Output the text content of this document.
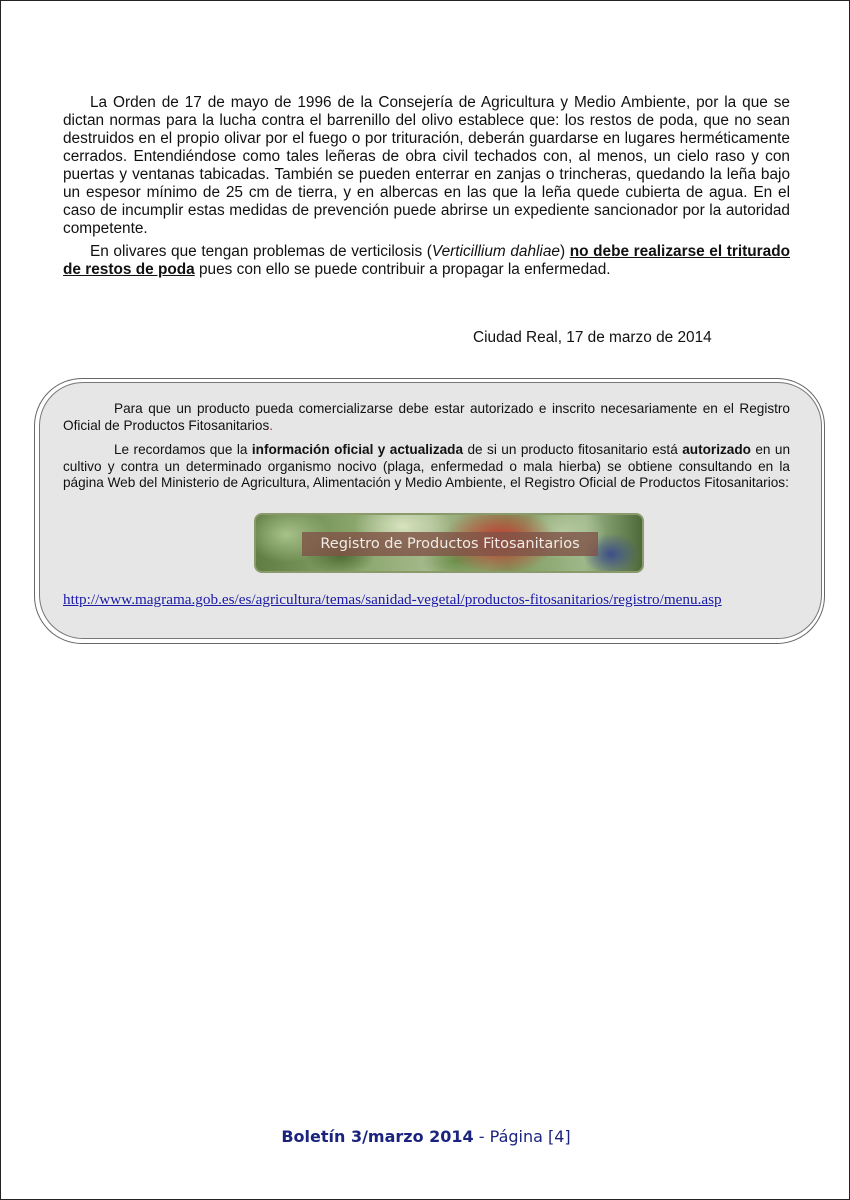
La Orden de 17 de mayo de 1996 de la Consejería de Agricultura y Medio Ambiente, por la que se dictan normas para la lucha contra el barrenillo del olivo establece que: los restos de poda, que no sean destruidos en el propio olivar por el fuego o por trituración, deberán guardarse en lugares herméticamente cerrados. Entendiéndose como tales leñeras de obra civil techados con, al menos, un cielo raso y con puertas y ventanas tabicadas. También se pueden enterrar en zanjas o trincheras, quedando la leña bajo un espesor mínimo de 25 cm de tierra, y en albercas en las que la leña quede cubierta de agua. En el caso de incumplir estas medidas de prevención puede abrirse un expediente sancionador por la autoridad competente.

En olivares que tengan problemas de verticilosis (Verticillium dahliae) no debe realizarse el triturado de restos de poda pues con ello se puede contribuir a propagar la enfermedad.

Ciudad Real, 17 de marzo de 2014

Para que un producto pueda comercializarse debe estar autorizado e inscrito necesariamente en el Registro Oficial de Productos Fitosanitarios.

Le recordamos que la información oficial y actualizada de si un producto fitosanitario está autorizado en un cultivo y contra un determinado organismo nocivo (plaga, enfermedad o mala hierba) se obtiene consultando en la página Web del Ministerio de Agricultura, Alimentación y Medio Ambiente, el Registro Oficial de Productos Fitosanitarios:

Registro de Productos Fitosanitarios
http://www.magrama.gob.es/es/agricultura/temas/sanidad-vegetal/productos-fitosanitarios/registro/menu.asp
Boletín 3/marzo 2014 - Página [4]
